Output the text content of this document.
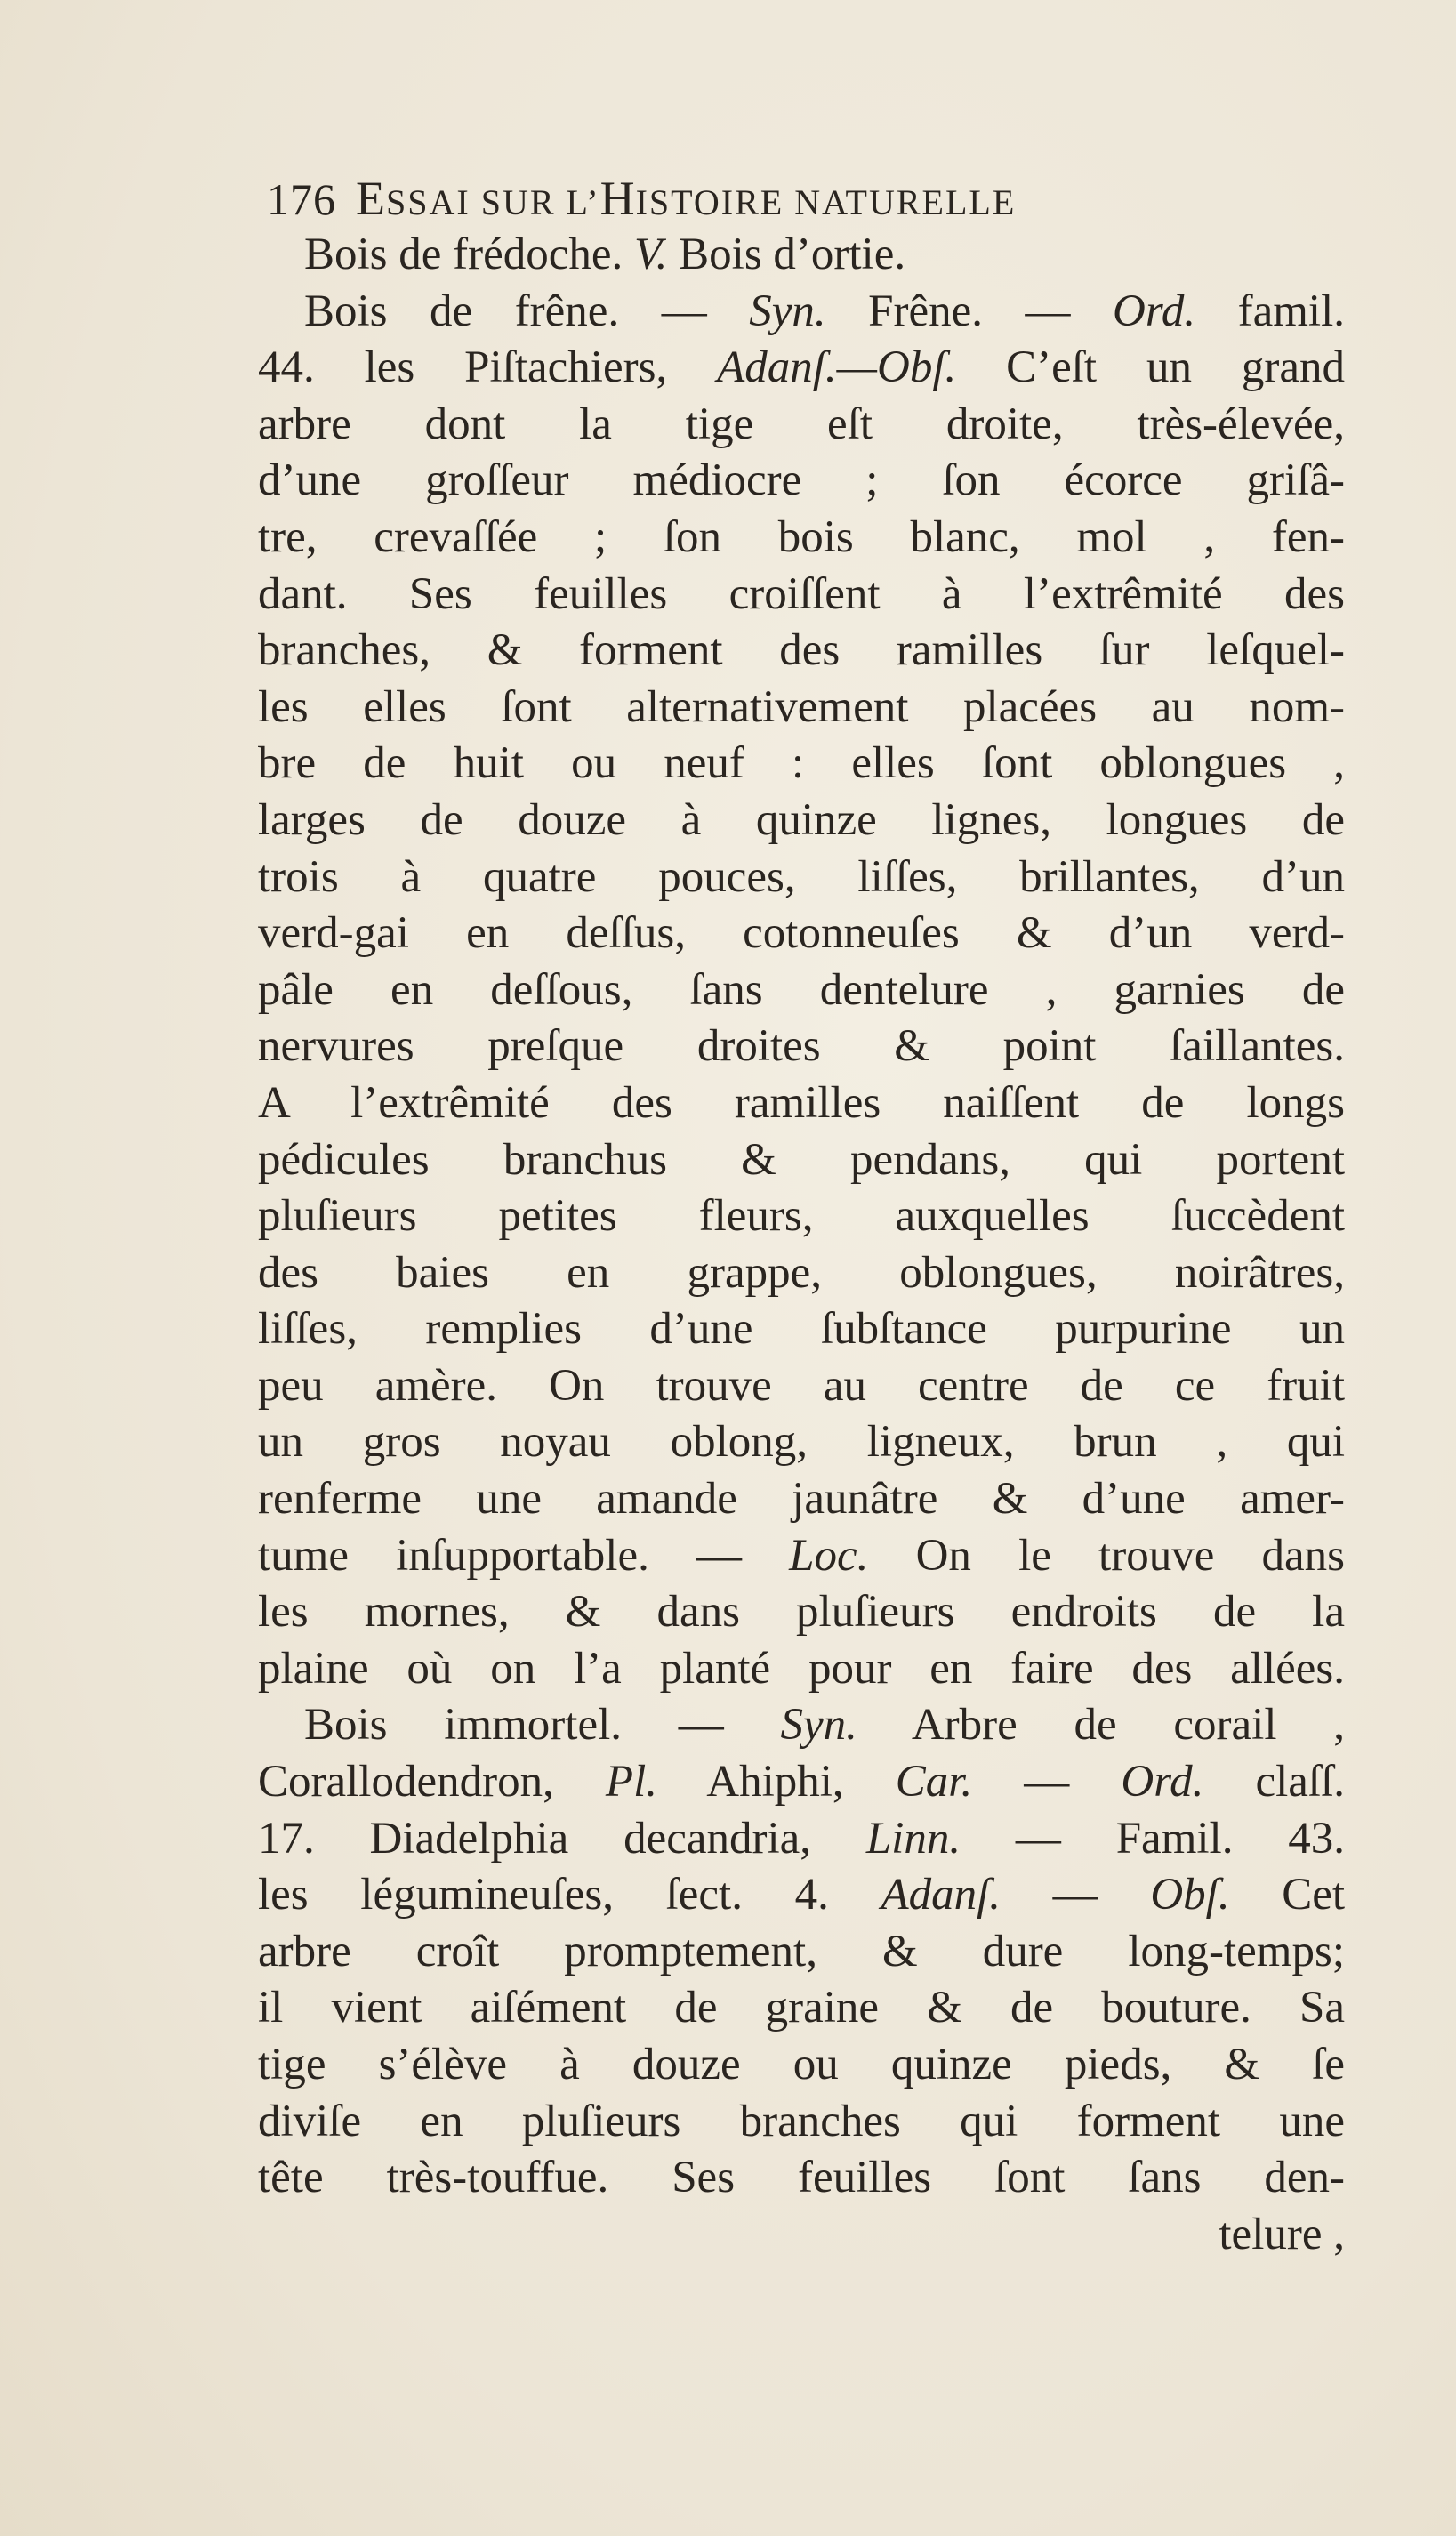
176 ESSAI SUR L’HISTOIRE NATURELLE
Bois de frédoche. V. Bois d’ortie.
Bois de frêne. — Syn. Frêne. — Ord. famil.
44. les Piſtachiers, Adanſ.—Obſ. C’eſt un grand
arbre dont la tige eſt droite, très-élevée,
d’une groſſeur médiocre ; ſon écorce griſâ-
tre, crevaſſée ; ſon bois blanc, mol , fen-
dant. Ses feuilles croiſſent à l’extrêmité des
branches, & forment des ramilles ſur leſquel-
les elles ſont alternativement placées au nom-
bre de huit ou neuf : elles ſont oblongues ,
larges de douze à quinze lignes, longues de
trois à quatre pouces, liſſes, brillantes, d’un
verd-gai en deſſus, cotonneuſes & d’un verd-
pâle en deſſous, ſans dentelure , garnies de
nervures preſque droites & point ſaillantes.
A l’extrêmité des ramilles naiſſent de longs
pédicules branchus & pendans, qui portent
pluſieurs petites fleurs, auxquelles ſuccèdent
des baies en grappe, oblongues, noirâtres,
liſſes, remplies d’une ſubſtance purpurine un
peu amère. On trouve au centre de ce fruit
un gros noyau oblong, ligneux, brun , qui
renferme une amande jaunâtre & d’une amer-
tume inſupportable. — Loc. On le trouve dans
les mornes, & dans pluſieurs endroits de la
plaine où on l’a planté pour en faire des allées.
Bois immortel. — Syn. Arbre de corail ,
Corallodendron, Pl. Ahiphi, Car. — Ord. claſſ.
17. Diadelphia decandria, Linn. — Famil. 43.
les légumineuſes, ſect. 4. Adanſ. — Obſ. Cet
arbre croît promptement, & dure long-temps;
il vient aiſément de graine & de bouture. Sa
tige s’élève à douze ou quinze pieds, & ſe
diviſe en pluſieurs branches qui forment une
tête très-touffue. Ses feuilles ſont ſans den-
telure ,
